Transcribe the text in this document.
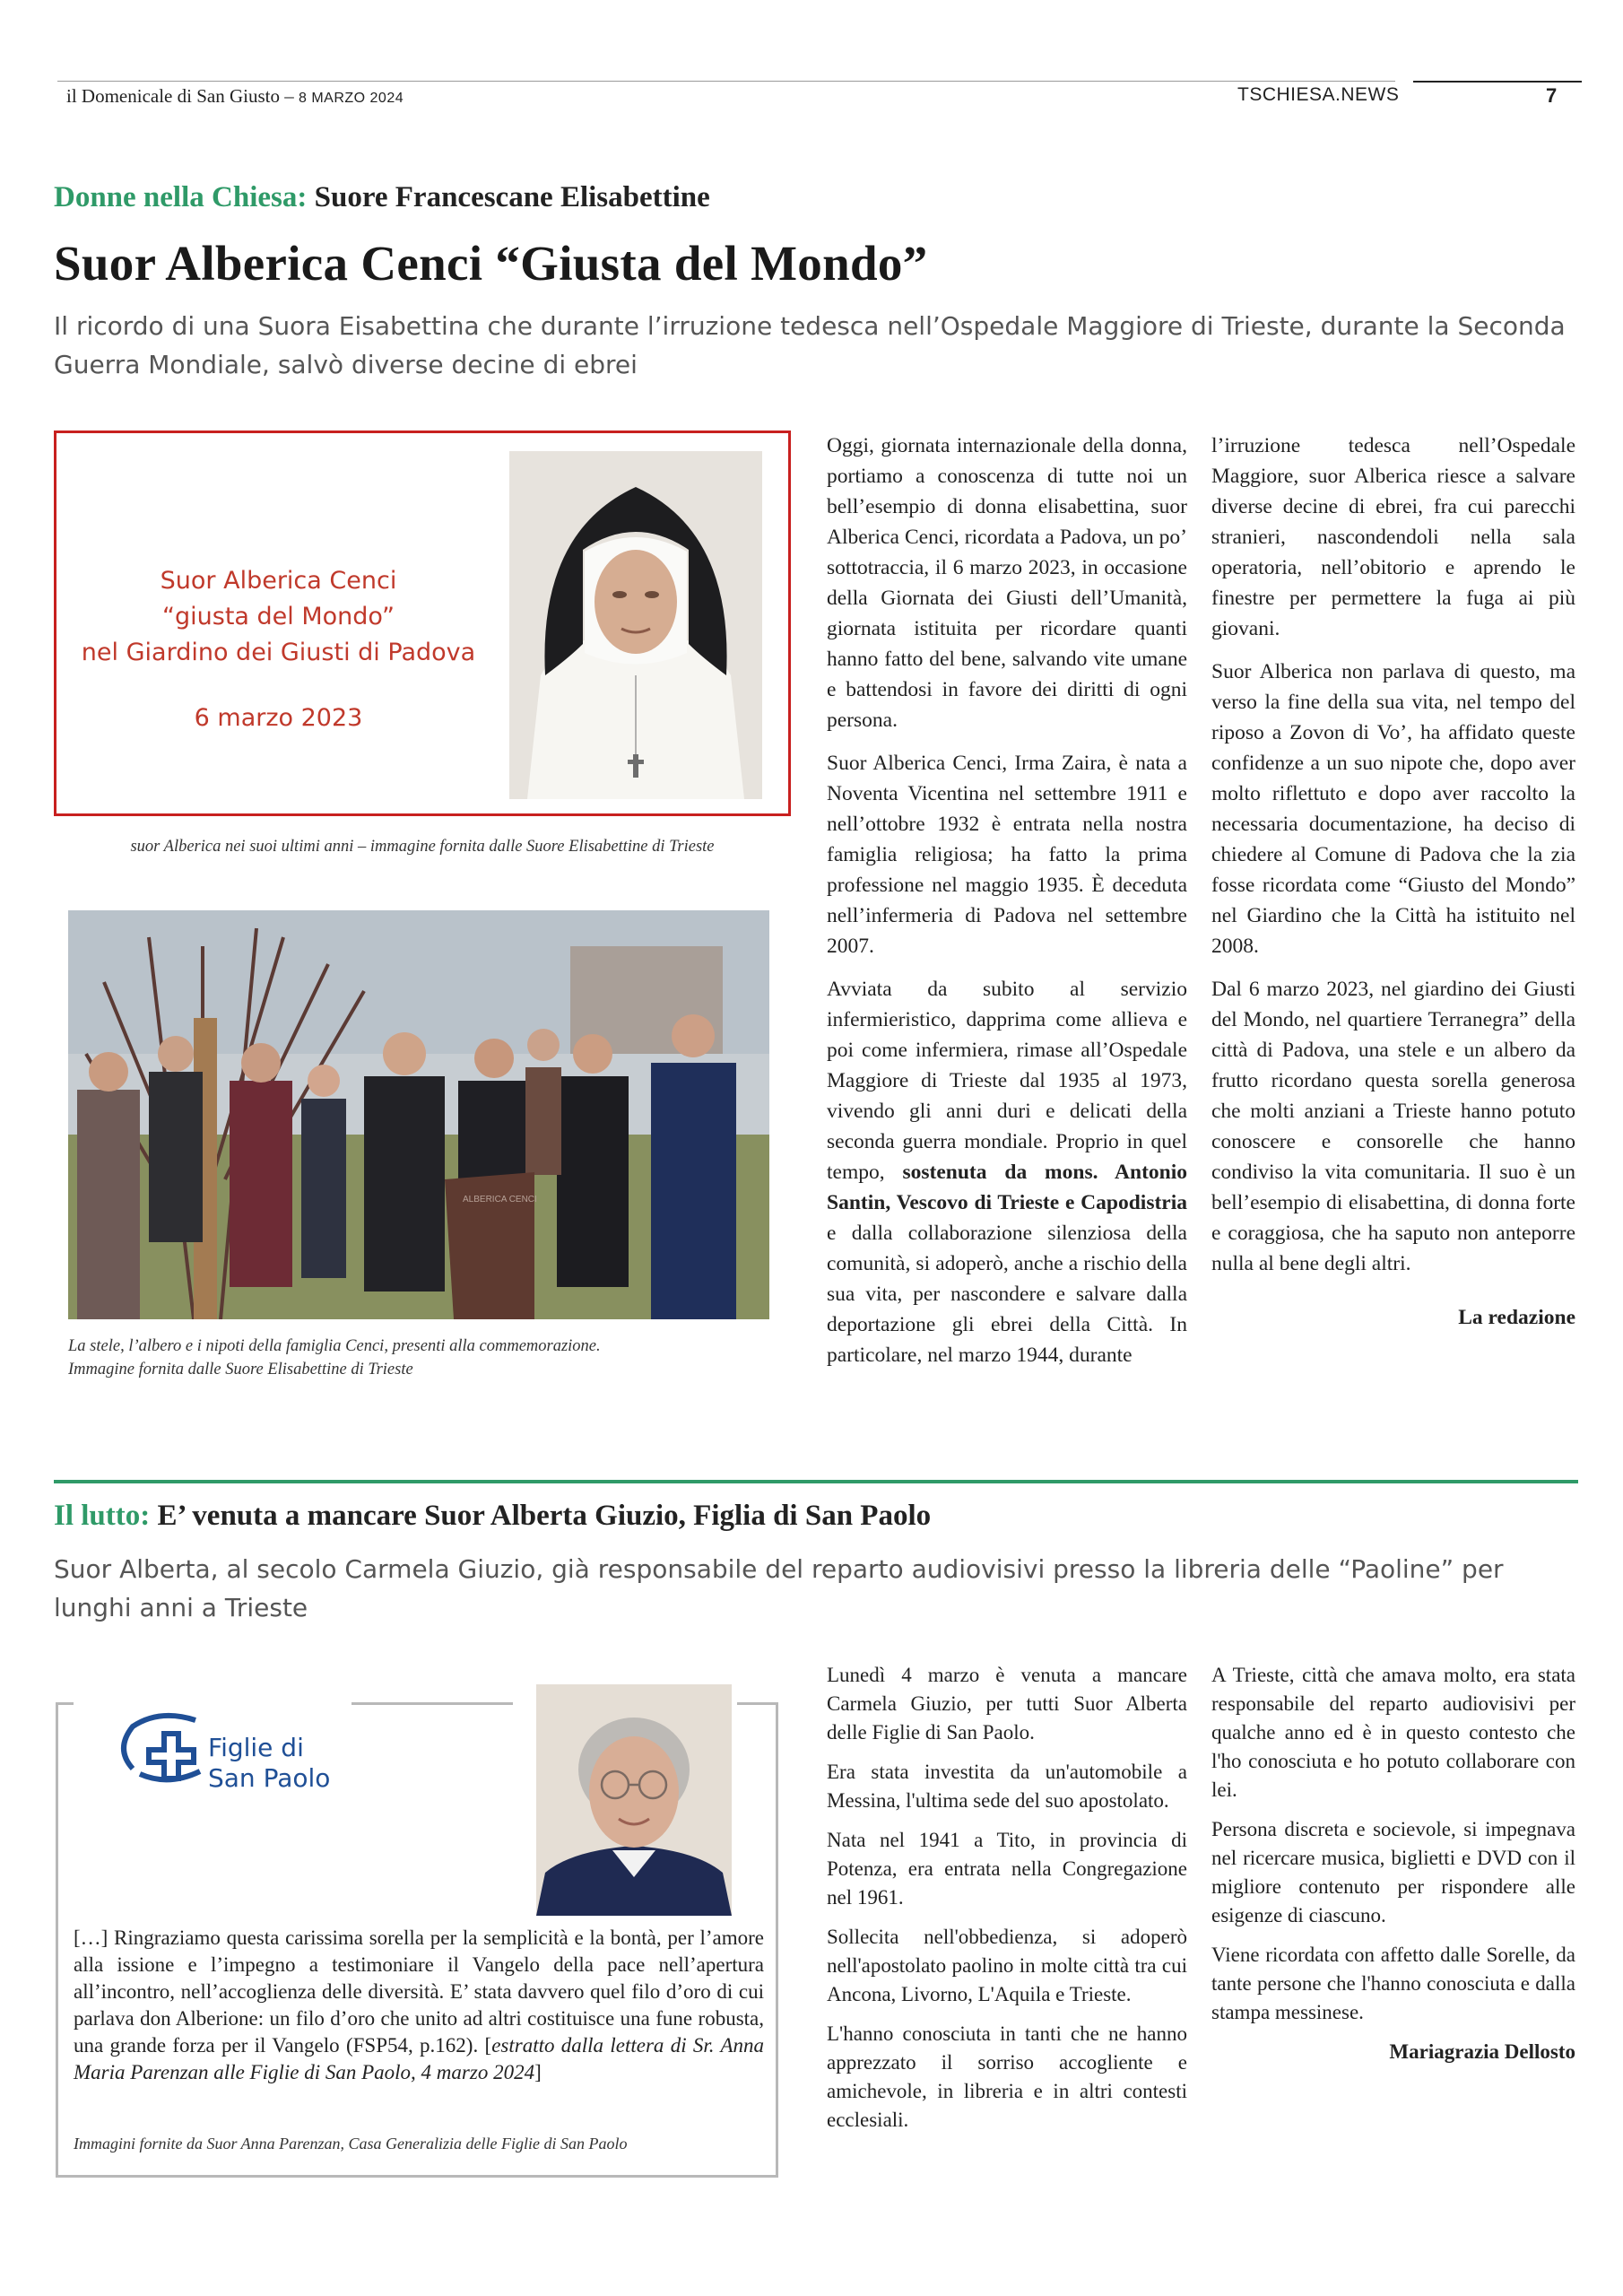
il Domenicale di San Giusto – 8 MARZO 2024	TSCHIESA.NEWS	7
Donne nella Chiesa: Suore Francescane Elisabettine
Suor Alberica Cenci “Giusta del Mondo”
Il ricordo di una Suora Eisabettina che durante l’irruzione tedesca nell’Ospedale Maggiore di Trieste, durante la Seconda Guerra Mondiale, salvò diverse decine di ebrei
Suor Alberica Cenci
“giusta del Mondo”
nel Giardino dei Giusti di Padova
6 marzo 2023
suor Alberica nei suoi ultimi anni – immagine fornita dalle Suore Elisabettine di Trieste
ALBERICA CENCI
La stele, l’albero e i nipoti della famiglia Cenci, presenti alla commemorazione.
Immagine fornita dalle Suore Elisabettine di Trieste

Oggi, giornata internazionale della donna, portiamo a conoscenza di tutte noi un bell’esempio di donna elisabettina, suor Alberica Cenci, ricordata a Padova, un po’ sottotraccia, il 6 marzo 2023, in occasione della Giornata dei Giusti dell’Umanità, giornata istituita per ricordare quanti hanno fatto del bene, salvando vite umane e battendosi in favore dei diritti di ogni persona.

Suor Alberica Cenci, Irma Zaira, è nata a Noventa Vicentina nel settembre 1911 e nell’ottobre 1932 è entrata nella nostra famiglia religiosa; ha fatto la prima professione nel maggio 1935. È deceduta nell’infermeria di Padova nel settembre 2007.

Avviata da subito al servizio infermieristico, dapprima come allieva e poi come infermiera, rimase all’Ospedale Maggiore di Trieste dal 1935 al 1973, vivendo gli anni duri e delicati della seconda guerra mondiale. Proprio in quel tempo, sostenuta da mons. Antonio Santin, Vescovo di Trieste e Capodistria e dalla collaborazione silenziosa della comunità, si adoperò, anche a rischio della sua vita, per nascondere e salvare dalla deportazione gli ebrei della Città. In particolare, nel marzo 1944, durante

l’irruzione tedesca nell’Ospedale Maggiore, suor Alberica riesce a salvare diverse decine di ebrei, fra cui parecchi stranieri, nascondendoli nella sala operatoria, nell’obitorio e aprendo le finestre per permettere la fuga ai più giovani.

Suor Alberica non parlava di questo, ma verso la fine della sua vita, nel tempo del riposo a Zovon di Vo’, ha affidato queste confidenze a un suo nipote che, dopo aver molto riflettuto e dopo aver raccolto la necessaria documentazione, ha deciso di chiedere al Comune di Padova che la zia fosse ricordata come “Giusto del Mondo” nel Giardino che la Città ha istituito nel 2008.

Dal 6 marzo 2023, nel giardino dei Giusti del Mondo, nel quartiere Terranegra” della città di Padova, una stele e un albero da frutto ricordano questa sorella generosa che molti anziani a Trieste hanno potuto conoscere e consorelle che hanno condiviso la vita comunitaria. Il suo è un bell’esempio di elisabettina, di donna forte e coraggiosa, che ha saputo non anteporre nulla al bene degli altri.

La redazione
Il lutto: E’ venuta a mancare Suor Alberta Giuzio, Figlia di San Paolo
Suor Alberta, al secolo Carmela Giuzio, già responsabile del reparto audiovisivi presso la libreria delle “Paoline” per lunghi anni a Trieste
Figlie di
San Paolo
[…] Ringraziamo questa carissima sorella per la semplicità e la bontà, per l’amore alla issione e l’impegno a testimoniare il Vangelo della pace nell’apertura all’incontro, nell’accoglienza delle diversità. E’ stata davvero quel filo d’oro di cui parlava don Alberione: un filo d’oro che unito ad altri costituisce una fune robusta, una grande forza per il Vangelo (FSP54, p.162). [estratto dalla lettera di Sr. Anna Maria Parenzan alle Figlie di San Paolo, 4 marzo 2024]
Immagini fornite da Suor Anna Parenzan, Casa Generalizia delle Figlie di San Paolo

Lunedì 4 marzo è venuta a mancare Carmela Giuzio, per tutti Suor Alberta delle Figlie di San Paolo.

Era stata investita da un'automobile a Messina, l'ultima sede del suo apostolato.

Nata nel 1941 a Tito, in provincia di Potenza, era entrata nella Congregazione nel 1961.

Sollecita nell'obbedienza, si adoperò nell'apostolato paolino in molte città tra cui Ancona, Livorno, L'Aquila e Trieste.

L'hanno conosciuta in tanti che ne hanno apprezzato il sorriso accogliente e amichevole, in libreria e in altri contesti ecclesiali.

A Trieste, città che amava molto, era stata responsabile del reparto audiovisivi per qualche anno ed è in questo contesto che l'ho conosciuta e ho potuto collaborare con lei.

Persona discreta e socievole, si impegnava nel ricercare musica, biglietti e DVD con il migliore contenuto per rispondere alle esigenze di ciascuno.

Viene ricordata con affetto dalle Sorelle, da tante persone che l'hanno conosciuta e dalla stampa messinese.

Mariagrazia Dellosto
